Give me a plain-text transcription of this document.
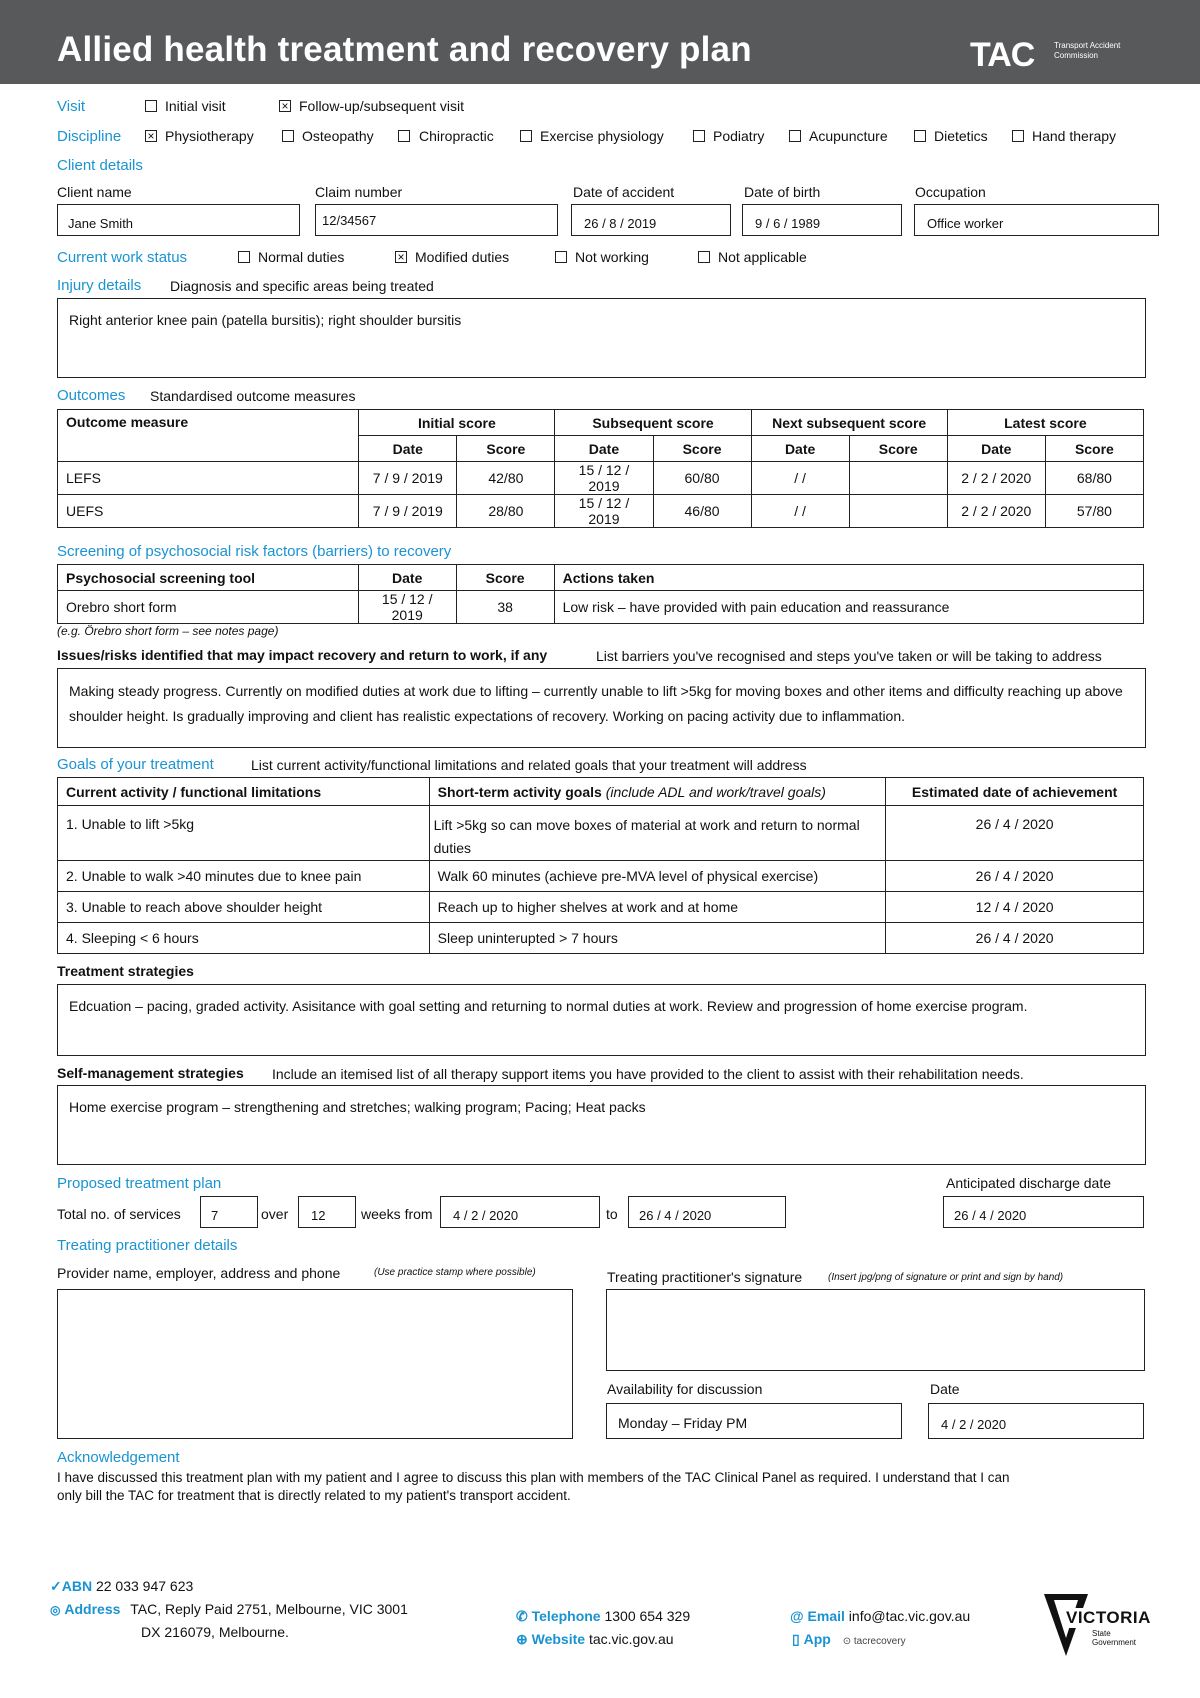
Allied health treatment and recovery plan	TAC Transport Accident Commission
Visit	Initial visit	× Follow-up/subsequent visit
Discipline × Physiotherapy	Osteopathy	Chiropractic	Exercise physiology	Podiatry	Acupuncture	Dietetics	Hand therapy
Client details
Client name
Jane Smith
Claim number
12/34567
Date of accident
26 / 8 / 2019
Date of birth
9 / 6 / 1989
Occupation
Office worker
Current work status	Normal duties	× Modified duties	Not working	Not applicable
Injury details Diagnosis and specific areas being treated
Right anterior knee pain (patella bursitis); right shoulder bursitis
Outcomes Standardised outcome measures
Outcome measure	Initial score		Subsequent score		Next subsequent score		Latest score	
	Date	Score	Date	Score	Date	Score	Date	Score
LEFS	7 / 9 / 2019	42/80	15 / 12 / 2019	60/80	/ /		2 / 2 / 2020	68/80
UEFS	7 / 9 / 2019	28/80	15 / 12 / 2019	46/80	/ /		2 / 2 / 2020	57/80
Screening of psychosocial risk factors (barriers) to recovery
Psychosocial screening tool	Date	Score	Actions taken
Orebro short form	15 / 12 / 2019	38	Low risk – have provided with pain education and reassurance
(e.g. Örebro short form – see notes page)
Issues/risks identified that may impact recovery and return to work, if any	List barriers you've recognised and steps you've taken or will be taking to address
Making steady progress. Currently on modified duties at work due to lifting – currently unable to lift >5kg for moving boxes and other items and difficulty reaching up above shoulder height. Is gradually improving and client has realistic expectations of recovery. Working on pacing activity due to inflammation.
Goals of your treatment	List current activity/functional limitations and related goals that your treatment will address
Current activity / functional limitations	Short-term activity goals (include ADL and work/travel goals)	Estimated date of achievement
1. Unable to lift >5kg	Lift >5kg so can move boxes of material at work and return to normal duties	26 / 4 / 2020
2. Unable to walk >40 minutes due to knee pain	Walk 60 minutes (achieve pre-MVA level of physical exercise)	26 / 4 / 2020
3. Unable to reach above shoulder height	Reach up to higher shelves at work and at home	12 / 4 / 2020
4. Sleeping < 6 hours	Sleep uninterupted > 7 hours	26 / 4 / 2020
Treatment strategies
Edcuation – pacing, graded activity. Asisitance with goal setting and returning to normal duties at work. Review and progression of home exercise program.
Self-management strategies Include an itemised list of all therapy support items you have provided to the client to assist with their rehabilitation needs.
Home exercise program – strengthening and stretches; walking program; Pacing; Heat packs
Proposed treatment plan	Anticipated discharge date
Total no. of services 7	over 12	weeks from 4 / 2 / 2020	to 26 / 4 / 2020	26 / 4 / 2020
Treating practitioner details
Provider name, employer, address and phone	(Use practice stamp where possible)	Treating practitioner's signature	(Insert jpg/png of signature or print and sign by hand)
Availability for discussion
Monday – Friday PM
Date
4 / 2 / 2020
Acknowledgement
I have discussed this treatment plan with my patient and I agree to discuss this plan with members of the TAC Clinical Panel as required. I understand that I can
only bill the TAC for treatment that is directly related to my patient's transport accident.
✓ABN 22 033 947 623
◎ Address TAC, Reply Paid 2751, Melbourne, VIC 3001
DX 216079, Melbourne.
✆ Telephone 1300 654 329
⊕ Website tac.vic.gov.au
@ Email info@tac.vic.gov.au
▯ App ⊙ tacrecovery
VICTORIA
State
Government
